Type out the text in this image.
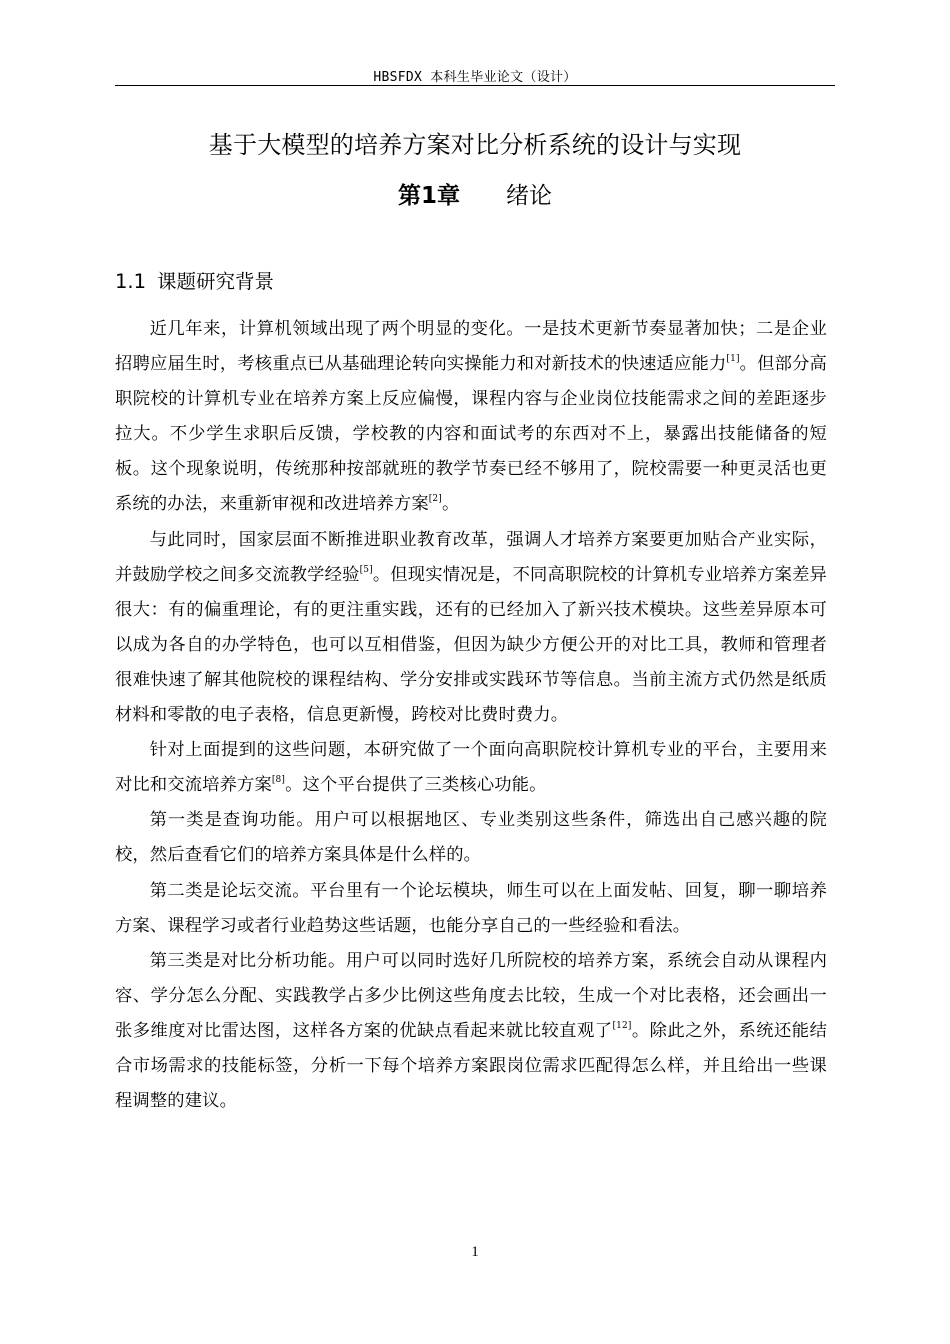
HBSFDX 本科生毕业论文（设计）
基于大模型的培养方案对比分析系统的设计与实现
第1章 绪论
1.1 课题研究背景

近几年来，计算机领域出现了两个明显的变化。一是技术更新节奏显著加快；二是企业招聘应届生时，考核重点已从基础理论转向实操能力和对新技术的快速适应能力[1]。但部分高职院校的计算机专业在培养方案上反应偏慢，课程内容与企业岗位技能需求之间的差距逐步拉大。不少学生求职后反馈，学校教的内容和面试考的东西对不上，暴露出技能储备的短板。这个现象说明，传统那种按部就班的教学节奏已经不够用了，院校需要一种更灵活也更系统的办法，来重新审视和改进培养方案[2]。

与此同时，国家层面不断推进职业教育改革，强调人才培养方案要更加贴合产业实际，并鼓励学校之间多交流教学经验[5]。但现实情况是，不同高职院校的计算机专业培养方案差异很大：有的偏重理论，有的更注重实践，还有的已经加入了新兴技术模块。这些差异原本可以成为各自的办学特色，也可以互相借鉴，但因为缺少方便公开的对比工具，教师和管理者很难快速了解其他院校的课程结构、学分安排或实践环节等信息。当前主流方式仍然是纸质材料和零散的电子表格，信息更新慢，跨校对比费时费力。

针对上面提到的这些问题，本研究做了一个面向高职院校计算机专业的平台，主要用来对比和交流培养方案[8]。这个平台提供了三类核心功能。

第一类是查询功能。用户可以根据地区、专业类别这些条件，筛选出自己感兴趣的院校，然后查看它们的培养方案具体是什么样的。

第二类是论坛交流。平台里有一个论坛模块，师生可以在上面发帖、回复，聊一聊培养方案、课程学习或者行业趋势这些话题，也能分享自己的一些经验和看法。

第三类是对比分析功能。用户可以同时选好几所院校的培养方案，系统会自动从课程内容、学分怎么分配、实践教学占多少比例这些角度去比较，生成一个对比表格，还会画出一张多维度对比雷达图，这样各方案的优缺点看起来就比较直观了[12]。除此之外，系统还能结合市场需求的技能标签，分析一下每个培养方案跟岗位需求匹配得怎么样，并且给出一些课程调整的建议。

1
